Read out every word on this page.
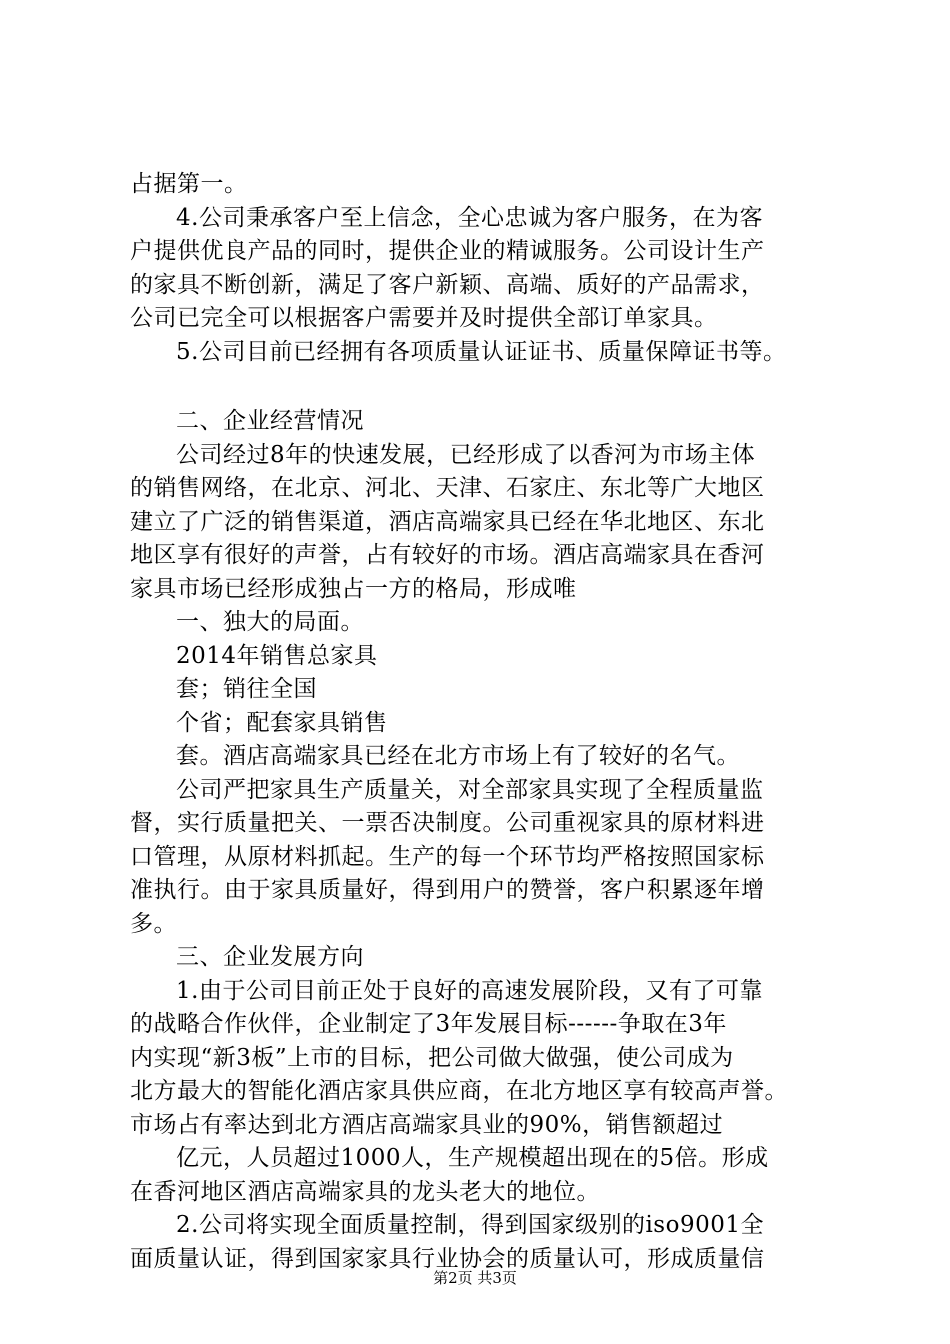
占据第一。
4.公司秉承客户至上信念，全心忠诚为客户服务，在为客
户提供优良产品的同时，提供企业的精诚服务。公司设计生产
的家具不断创新，满足了客户新颖、高端、质好的产品需求，
公司已完全可以根据客户需要并及时提供全部订单家具。
5.公司目前已经拥有各项质量认证证书、质量保障证书等。
二、企业经营情况
公司经过8年的快速发展，已经形成了以香河为市场主体
的销售网络，在北京、河北、天津、石家庄、东北等广大地区
建立了广泛的销售渠道，酒店高端家具已经在华北地区、东北
地区享有很好的声誉，占有较好的市场。酒店高端家具在香河
家具市场已经形成独占一方的格局，形成唯
一、独大的局面。
2014年销售总家具
套；销往全国
个省；配套家具销售
套。酒店高端家具已经在北方市场上有了较好的名气。
公司严把家具生产质量关，对全部家具实现了全程质量监
督，实行质量把关、一票否决制度。公司重视家具的原材料进
口管理，从原材料抓起。生产的每一个环节均严格按照国家标
准执行。由于家具质量好，得到用户的赞誉，客户积累逐年增
多。
三、企业发展方向
1.由于公司目前正处于良好的高速发展阶段，又有了可靠
的战略合作伙伴，企业制定了3年发展目标------争取在3年
内实现“新3板”上市的目标，把公司做大做强，使公司成为
北方最大的智能化酒店家具供应商，在北方地区享有较高声誉。
市场占有率达到北方酒店高端家具业的90%，销售额超过
亿元，人员超过1000人，生产规模超出现在的5倍。形成
在香河地区酒店高端家具的龙头老大的地位。
2.公司将实现全面质量控制，得到国家级别的iso9001全
面质量认证，得到国家家具行业协会的质量认可，形成质量信
第2页 共3页
